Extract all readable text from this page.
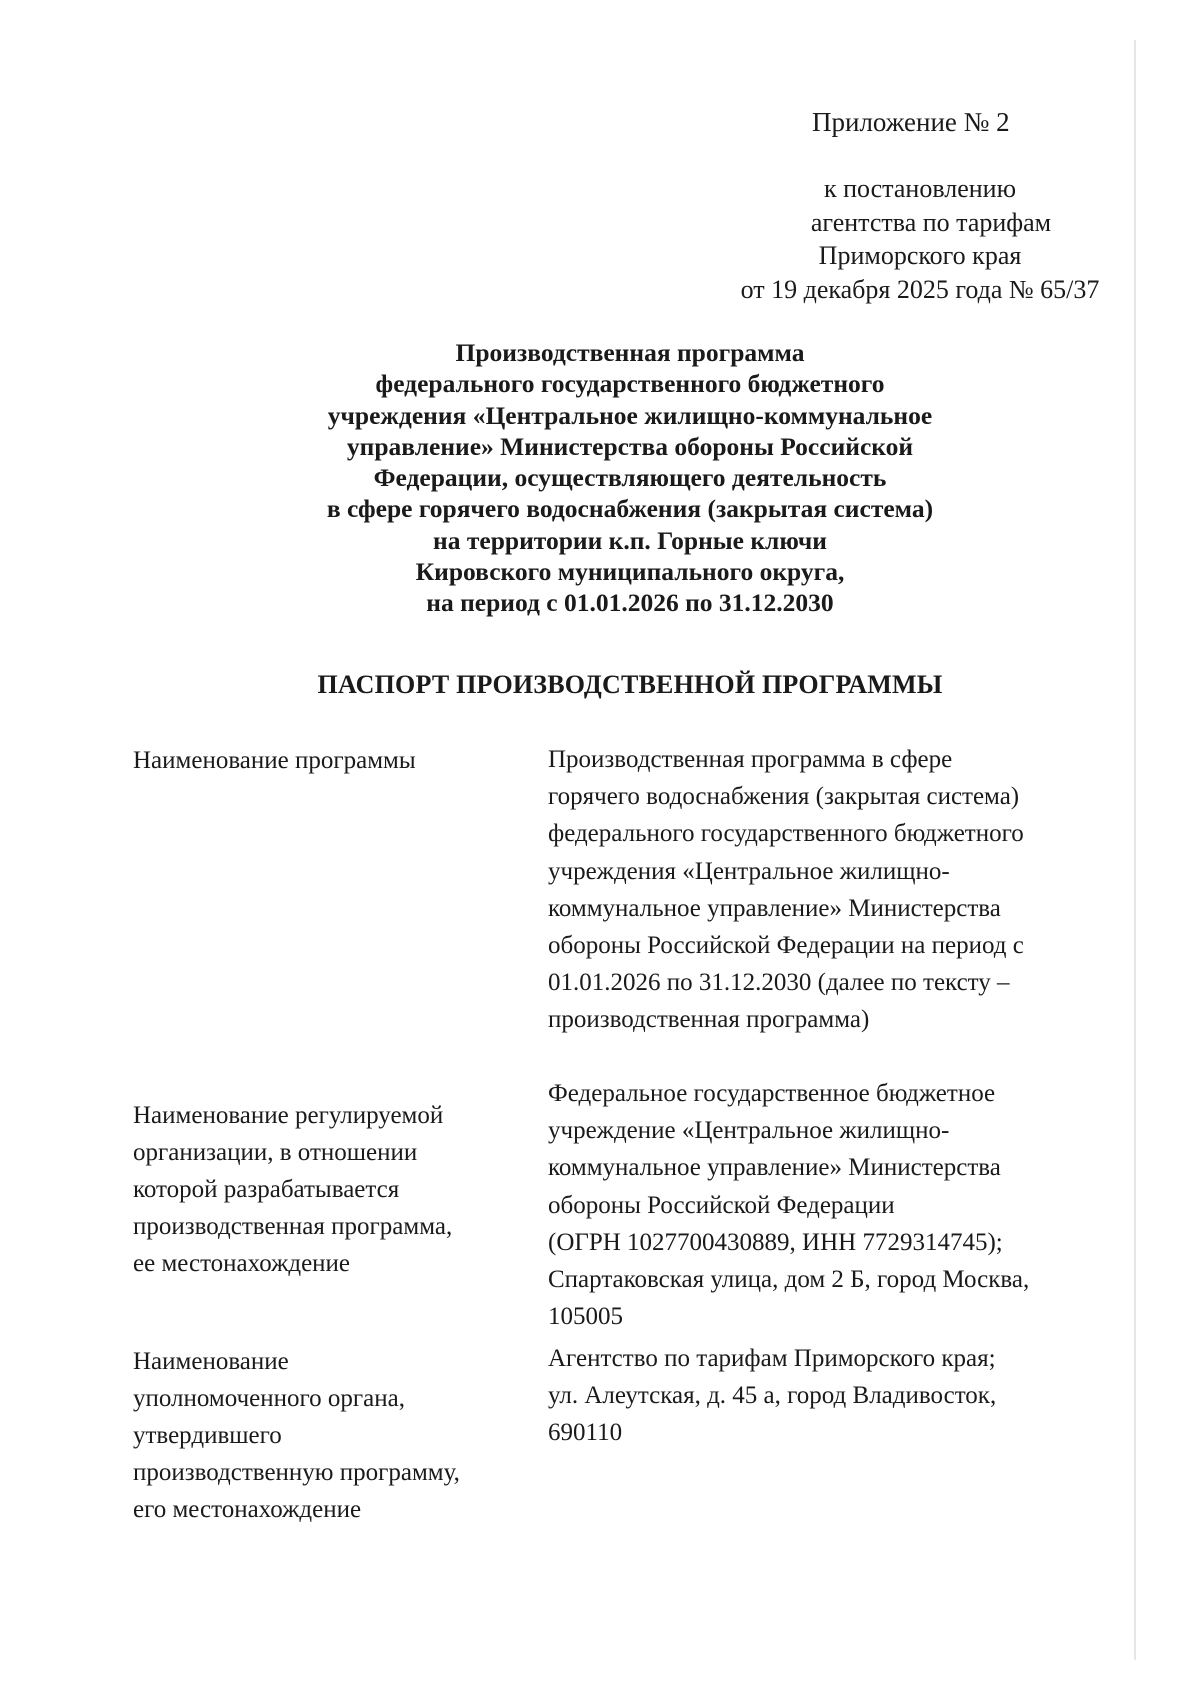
Приложение № 2
к постановлению
агентства по тарифам
Приморского края
от 19 декабря 2025 года № 65/37
Производственная программа
федерального государственного бюджетного
учреждения «Центральное жилищно-коммунальное
управление» Министерства обороны Российской
Федерации, осуществляющего деятельность
в сфере горячего водоснабжения (закрытая система)
на территории к.п. Горные ключи
Кировского муниципального округа,
на период с 01.01.2026 по 31.12.2030
ПАСПОРТ ПРОИЗВОДСТВЕННОЙ ПРОГРАММЫ
Наименование программы	Производственная программа в сфере
горячего водоснабжения (закрытая система)
федерального государственного бюджетного
учреждения «Центральное жилищно-
коммунальное управление» Министерства
обороны Российской Федерации на период с
01.01.2026 по 31.12.2030 (далее по тексту –
производственная программа)
Наименование регулируемой
организации, в отношении
которой разрабатывается
производственная программа,
ее местонахождение
Федеральное государственное бюджетное
учреждение «Центральное жилищно-
коммунальное управление» Министерства
обороны Российской Федерации
(ОГРН 1027700430889, ИНН 7729314745);
Спартаковская улица, дом 2 Б, город Москва,
105005
Наименование
уполномоченного органа,
утвердившего
производственную программу,
его местонахождение
Агентство по тарифам Приморского края;
ул. Алеутская, д. 45 а, город Владивосток,
690110
